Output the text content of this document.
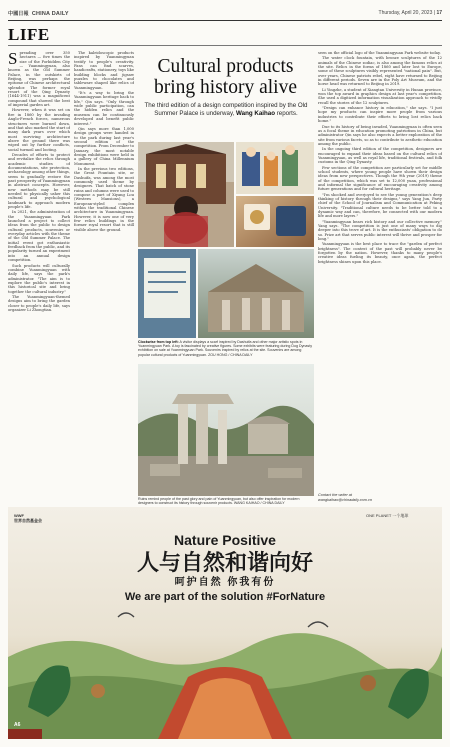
中國日報 CHINA DAILY	Thursday, April 20, 2023 | 17
LIFE
S preading over 350 hectares — five times the size of the Forbidden City — Yuanmingyuan, also known as the Old Summer Palace, in the outskirts of Beijing, was perhaps the epitome of Chinese architectural splendor. The former royal resort of the Qing Dynasty (1644-1911) was a magnificent compound that showed the best of imperial garden art.

However, when it was set on fire in 1860 by the invading Anglo-French forces, numerous structures were burned down, and that also marked the start of many dark years over which most surviving architecture above the ground there was wiped out by further conflicts, social turmoil and looting.

Decades of efforts to protect and revitalize the relics through academic studies of documentations, site protection, archaeology among other things, seem to gradually restore the past prosperity of Yuanmingyuan in abstract concepts. However, new methods may be still needed to physically usher this cultural and psychological landmark to approach modern people's life.

In 2021, the administration of the Yuanmingyuan Park launched a project to collect ideas from the public to design cultural products, souvenirs or everyday articles with the theme of the Old Summer Palace. The initial event got enthusiastic feedback from the public, and its popularity turned an experiment into an annual design competition.

Such products will culturally combine Yuanmingyuan with daily life, says the park's administrator. "The aim is to explore the public's interest in this historical site and bring together the cultural industry."

The Yuanmingyuan-themed designs aim to bring the garden closer to people's daily life, says organizer Li Zhongtian.

The kaleidoscopic products inspired by Yuanmingyuan testify to people's creativity. Fans can find scarves, handicrafts, stationery, toys like building blocks and jigsaw puzzles to chocolates and tableware shaped like relics of Yuanmingyuan.

"It's a way to bring the Yuanmingyuan heritage back to life," Qin says. "Only through wide public participation, can the hidden relics and the museum can be continuously developed and benefit public interest."

Qin says more than 1,000 design groups were handed in to the park during last year's second edition of the competition. From December to January, the most notable design exhibitions were held in a gallery of China Millennium Monument.

In the previous two editions, the Great Fountain site, or Dashuifa, was among the most commonly used theme by designers. That batch of stone ruins and columns were used to compose a part of Xiyang Lou (Western Mansions), a European-styled complex within the traditional Chinese architecture in Yuanmingyuan. However, it is now one of very few relics buildings in the former royal resort that is still visible above the ground.

Cultural products bring history alive
The third edition of a design competition inspired by the Old Summer Palace is underway, Wang Kaihao reports.
Clockwise from top left: A visitor displays a scarf inspired by Dashuifa and other major artistic spots in Yuanmingyuan Park. A toy is fascinated by creative figures. Some exhibits were featuring during Dog Dynasty exhibition on sale at Yuanmingyuan Park. Souvenirs inspired by relics at the site. Souvenirs are among popular cultural products of Yuanmingyuan. ZOU HONG / CHINA DAILY
Ruins remind people of the past glory and pain of Yuanmingyuan, but also offer inspiration for modern designers to construct its history through souvenir products. WANG KAIHAO / CHINA DAILY

seen on the official logo of the Yuanmingyuan Park website today.

The water clock fountain, with bronze sculptures of the 12 animals of the Chinese zodiac, is also among the famous relics at the site. Relics in the forms of 1860 and later lost to Europe, some of these sculptures visibly represented "national pain". But, over years, Chinese patriots rebel, eight have returned to Beijing in different periods. Seven are in the Poly Art Museum, and the horse head was returned to Beijing in 2019.

Li Yingzhe, a student of Xiangtan University in Hunan province, won the top award in graphics design at last year's competition. She used a digitized information visualization approach to vividly recall the stories of the 12 sculptures.

"Design can enhance history in education," she says. "I just hope my products can inspire more people from various industries to contribute their efforts to bring lost relics back home."

Due to its history of being invaded, Yuanmingyuan is often seen as a focal theme in education promoting patriotism in China, but administrator Qin says he also expects a better exploration of the site from various facets, so as to contribute to aesthetic education among the public.

In the ongoing third edition of the competition, designers are encouraged to expand their ideas based on the cultural relics of Yuanmingyuan, as well as royal life, traditional festivals, and folk customs in the Qing Dynasty.

Few sections of the competition are particularly set for middle school students, where young people have shown their design ideas from new perspectives. Though the 9th year (2019) theme of the competition, which was set to 12,000 yuan, professional and informal the significance of encouraging creativity among future generations and for cultural heritage.

"I'm shocked and overjoyed to see the young generation's deep thinking of history through their designs," says Yang Jun, Party chief of the School of Journalism and Communication at Peking University. "Traditional culture needs to be better told to a dynamic way and can, therefore, be connected with our modern life and more layers."

"Yuanmingyuan bears rich history and our collective memory," Yang says. "The competition is just one of many ways to dig deeper into this trove of art. It is the enthusiasts' obligation to do so. Prize art that serves public interest will thrive and prosper for long."

Yuanmingyuan is the best place to trace the "garden of perfect brightness". The contest of the past will probably never be forgotten by the nation. However, thanks to many people's creative ideas fueling its beauty, once again, the perfect brightness shines upon this place.

Contact the writer at
wangkaihao@chinadaily.com.cn
WWF
世界自然基金会
ONE PLANET 一个地球
Nature Positive
人与自然和谐向好
呵护自然 你我有份
We are part of the solution #ForNature
A6
